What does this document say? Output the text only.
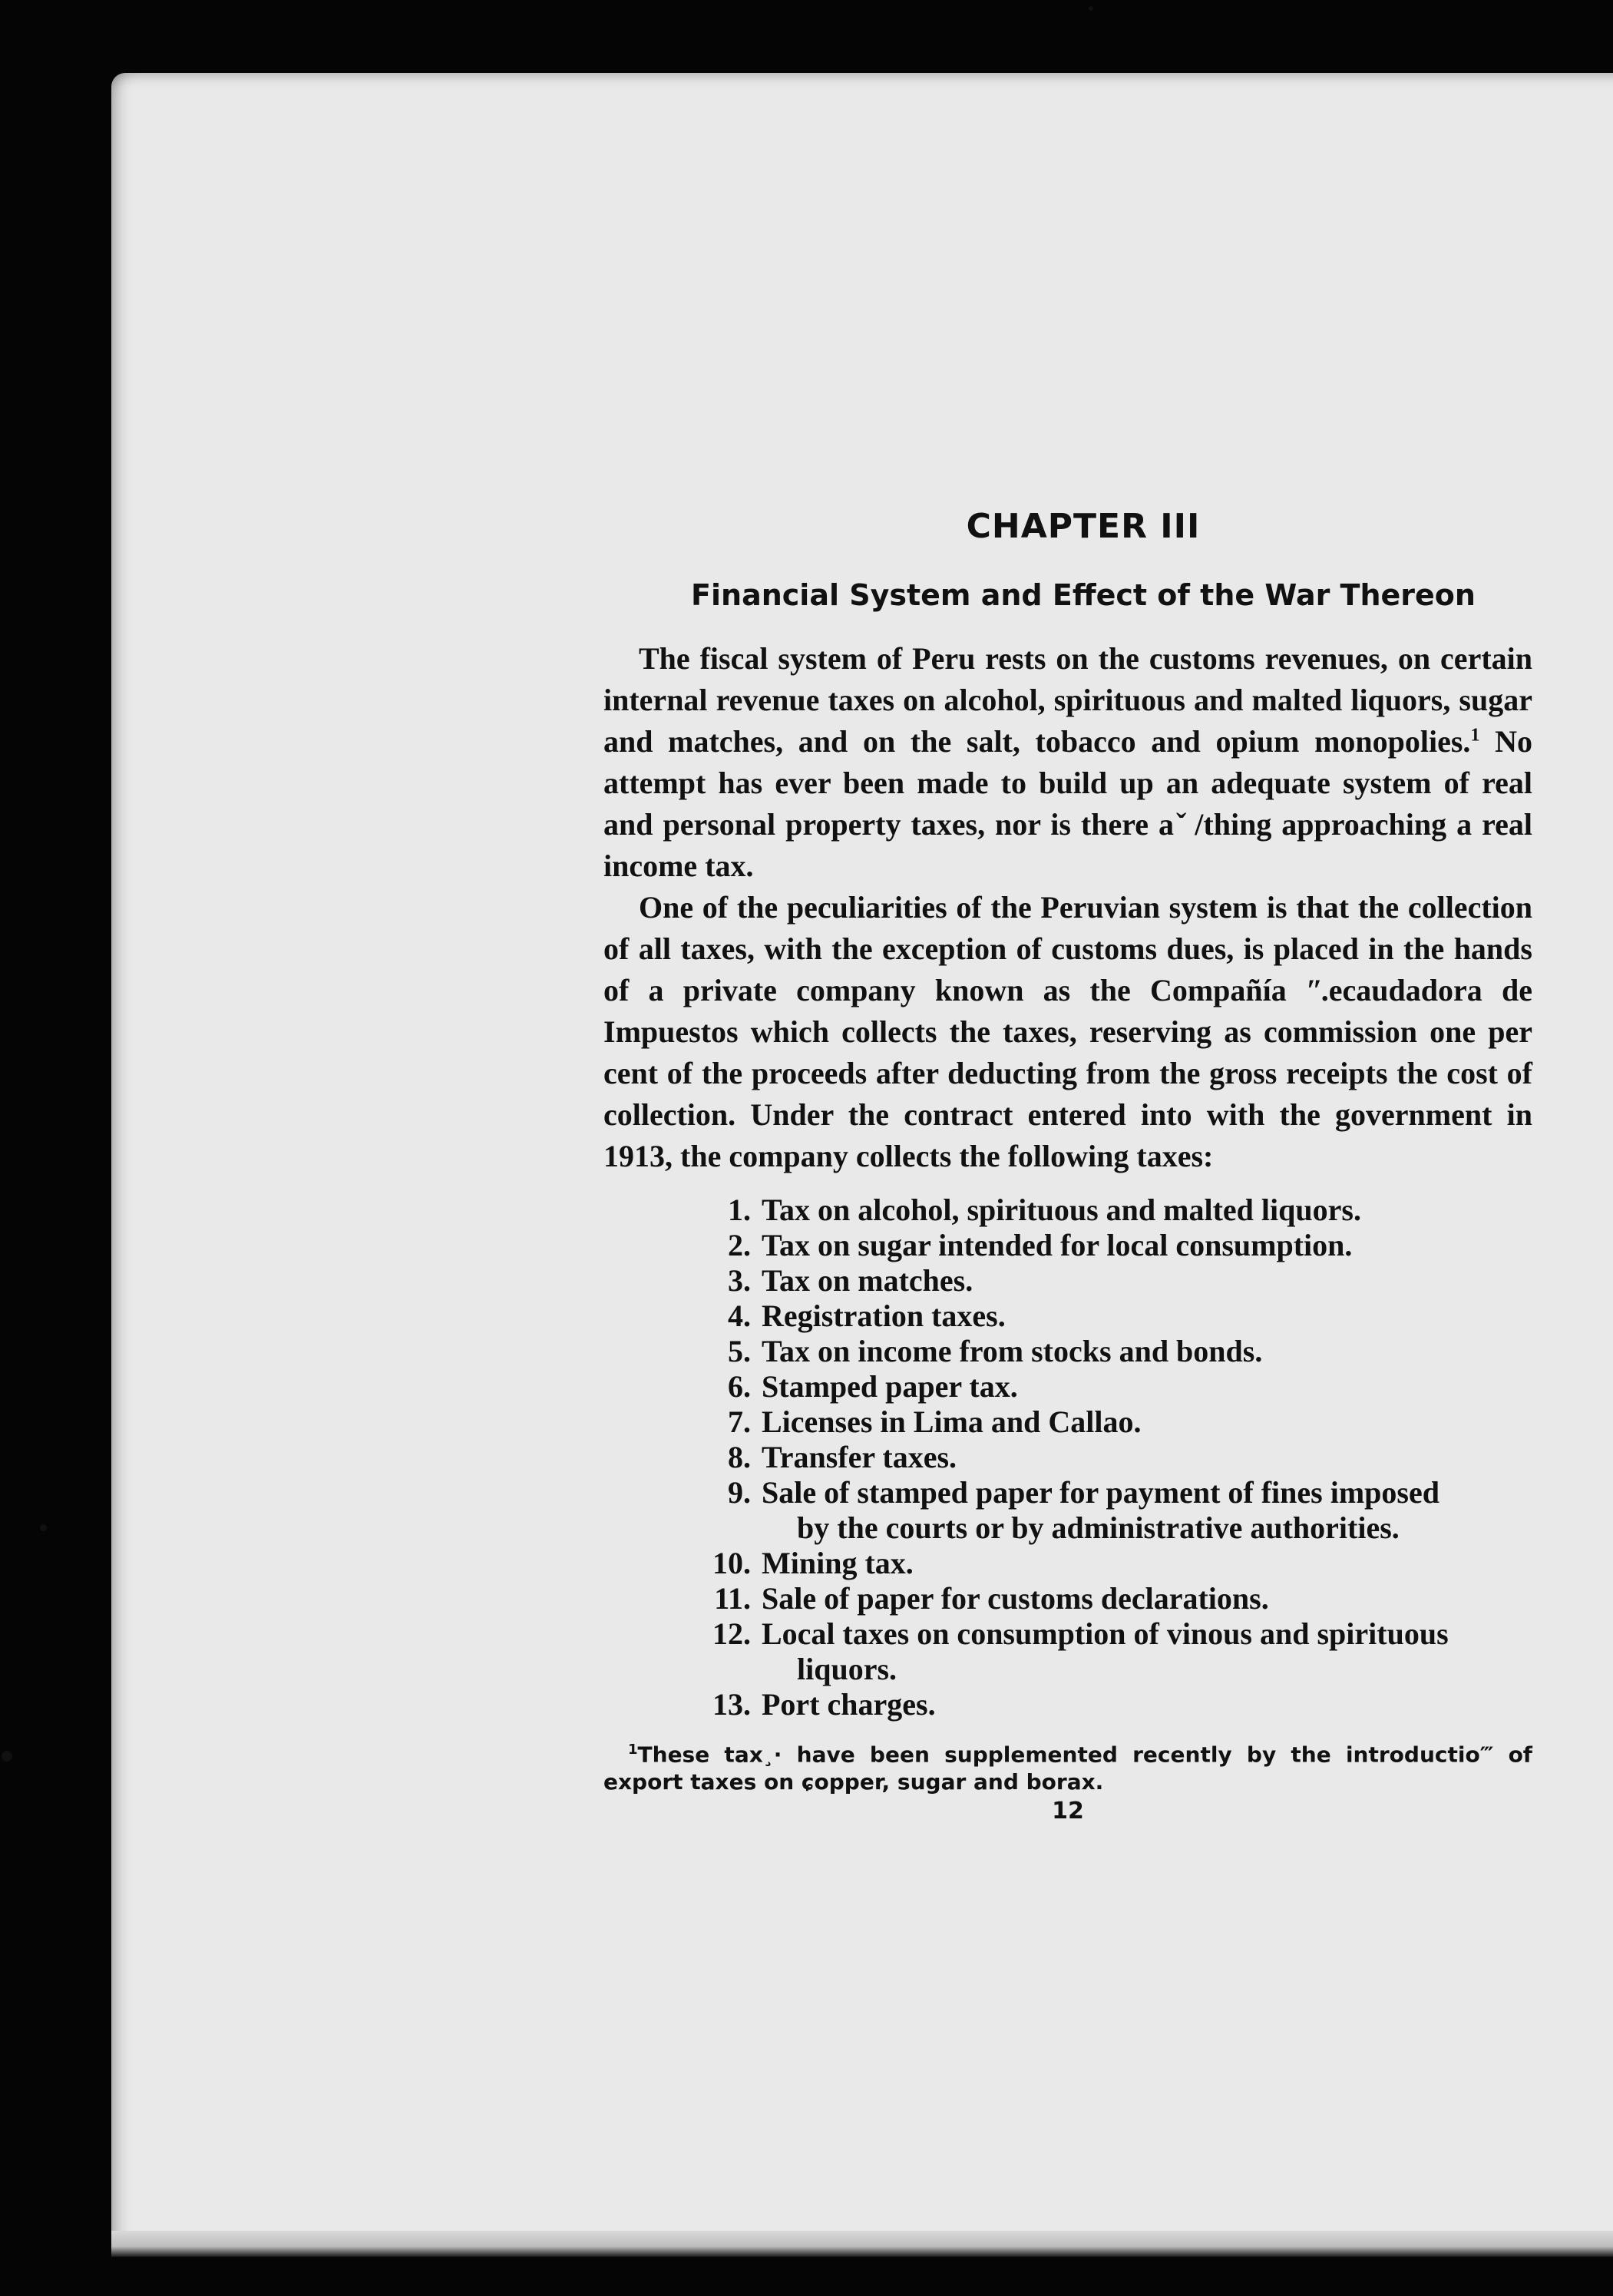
CHAPTER III
Financial System and Effect of the War Thereon

The fiscal system of Peru rests on the customs revenues, on certain internal revenue taxes on alcohol, spirituous and malted liquors, sugar and matches, and on the salt, tobacco and opium monopolies.$^1$ No attempt has ever been made to build up an adequate system of real and personal property taxes, nor is there aˇ /thing approaching a real income tax.

One of the peculiarities of the Peruvian system is that the collection of all taxes, with the exception of customs dues, is placed in the hands of a private company known as the Compañía ʺ.ecaudadora de Impuestos which collects the taxes, reserving as commission one per cent of the proceeds after deducting from the gross receipts the cost of collection. Under the contract entered into with the government in 1913, the company collects the following taxes:

1. Tax on alcohol, spirituous and malted liquors.
2. Tax on sugar intended for local consumption.
3. Tax on matches.
4. Registration taxes.
5. Tax on income from stocks and bonds.
6. Stamped paper tax.
7. Licenses in Lima and Callao.
8. Transfer taxes.
9. Sale of stamped paper for payment of fines imposed
by the courts or by administrative authorities.
10. Mining tax.
11. Sale of paper for customs declarations.
12. Local taxes on consumption of vinous and spirituous
liquors.
13. Port charges.
$^1$These tax¸· have been supplemented recently by the introductio‴ of export taxes on ɕopper, sugar and borax.
12
